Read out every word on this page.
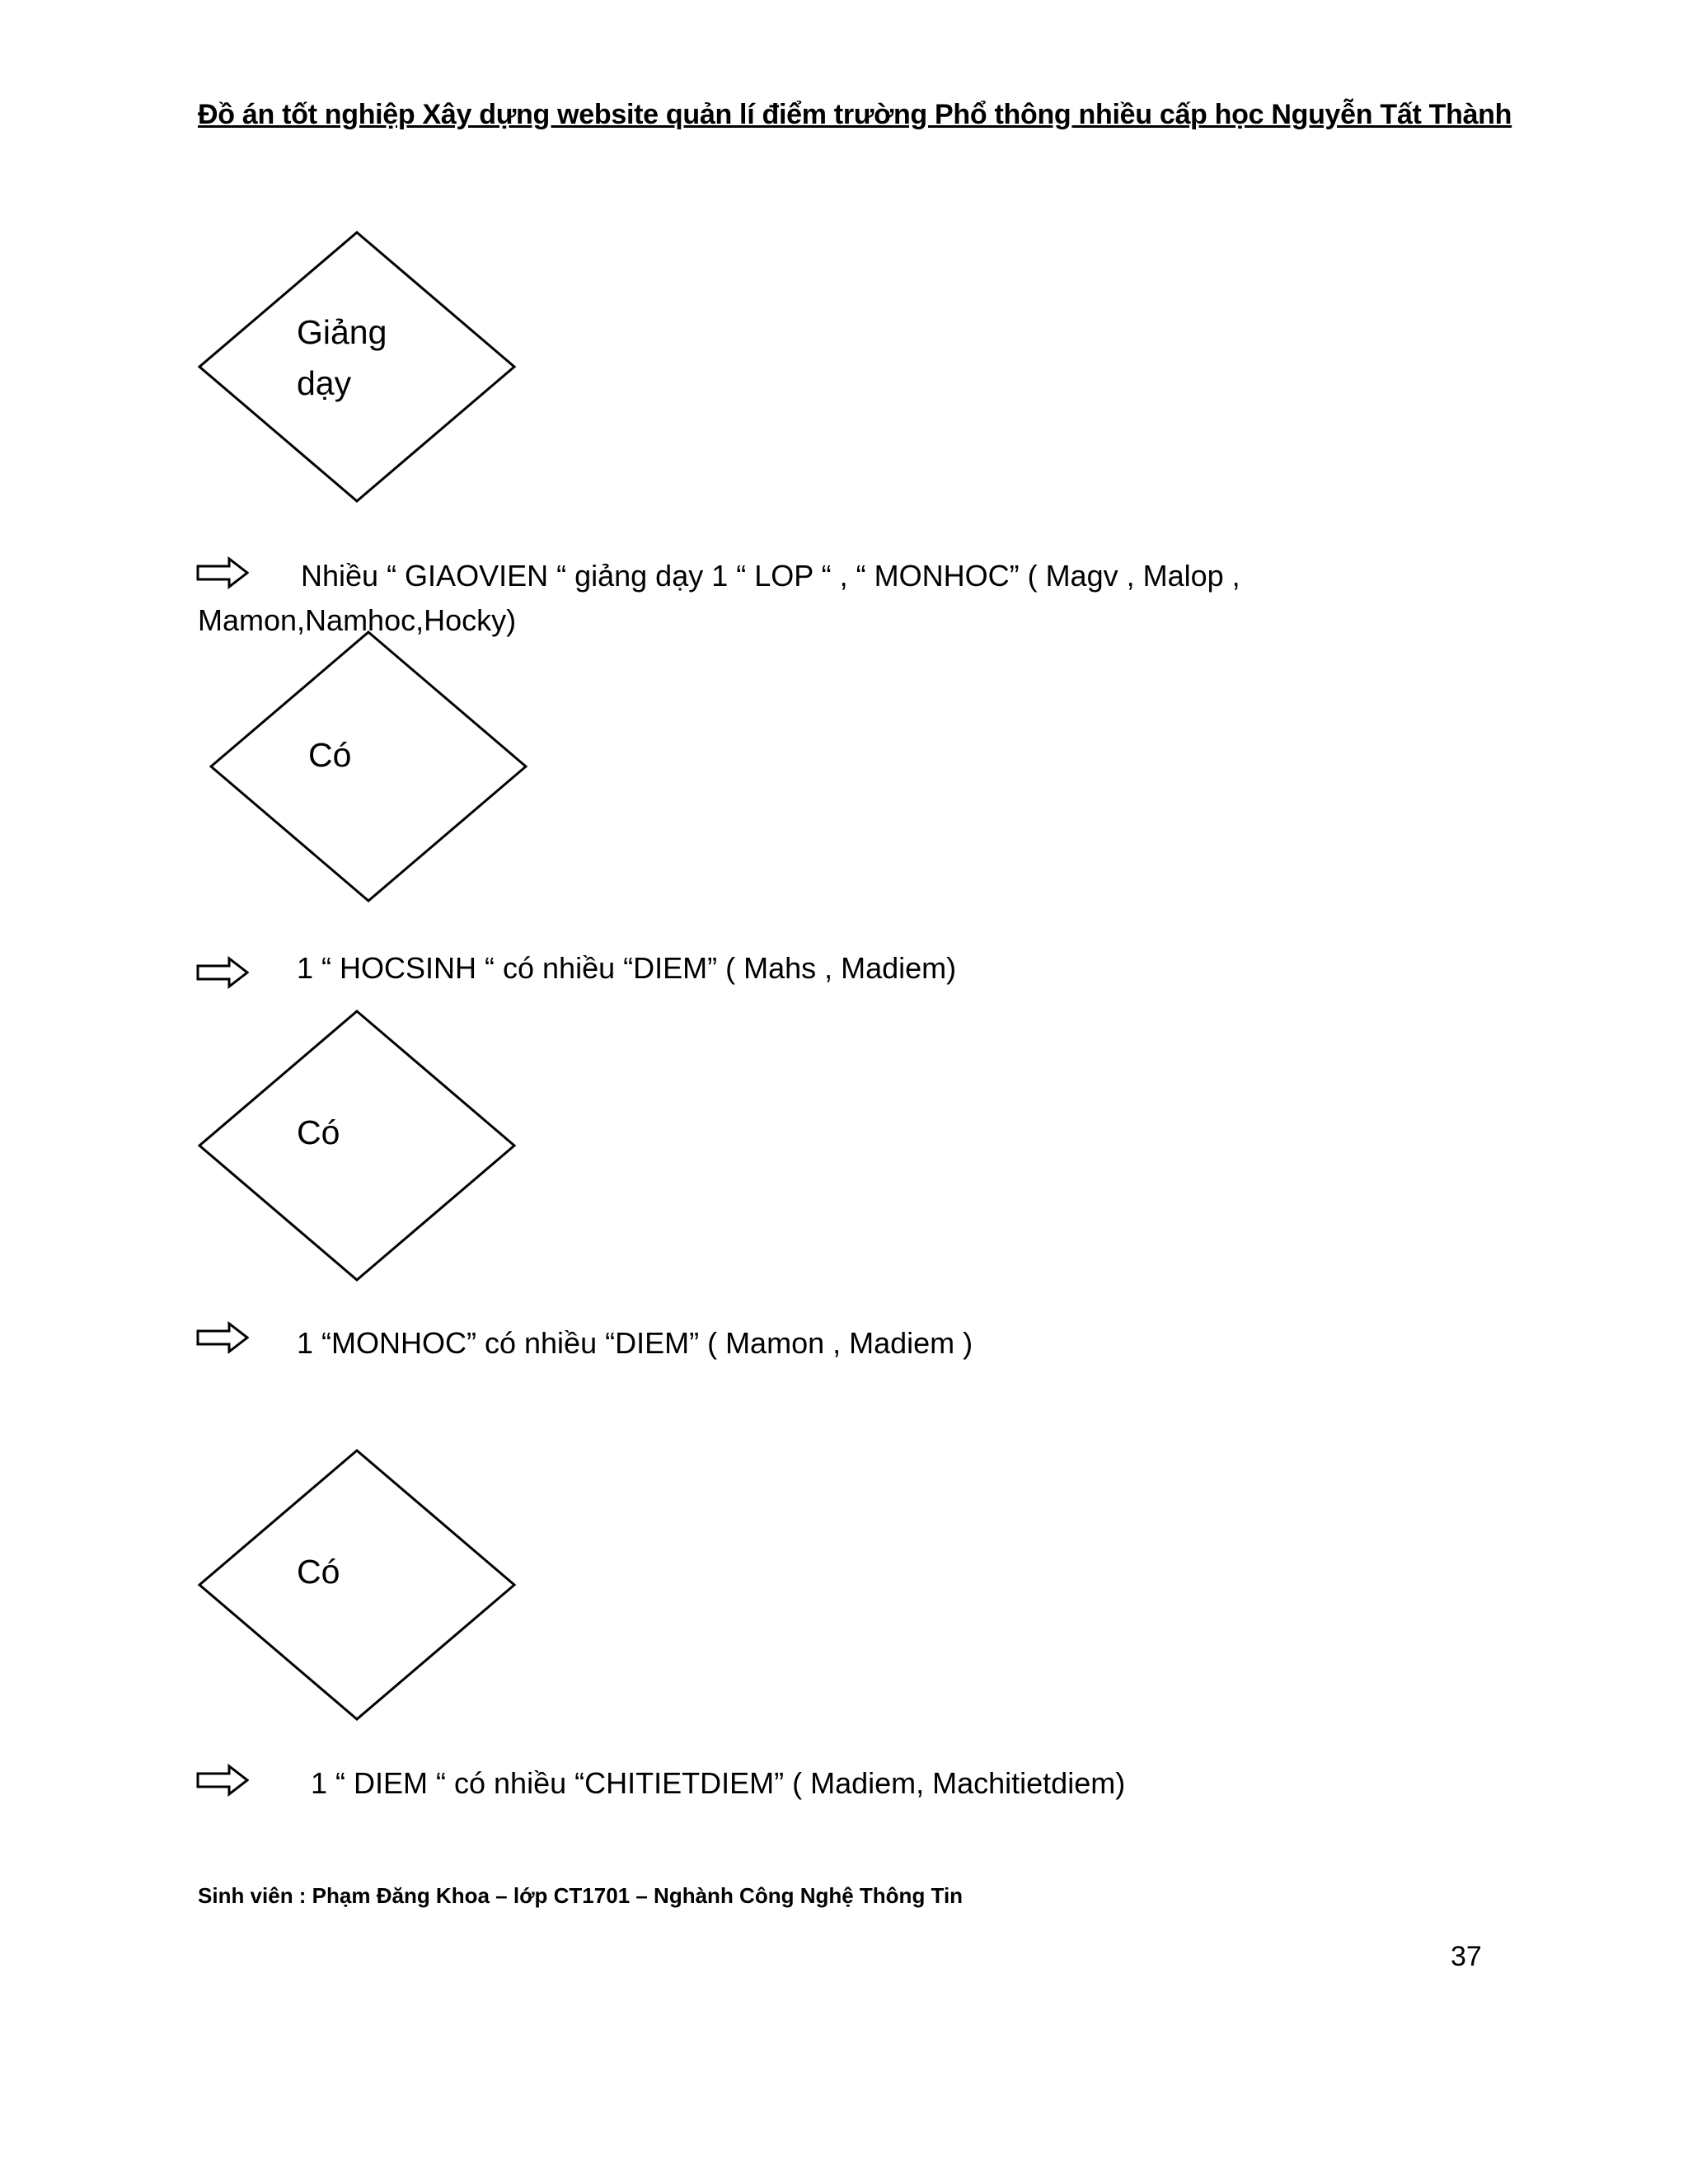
Đồ án tốt nghiệp Xây dựng website quản lí điểm trường Phổ thông nhiều cấp học Nguyễn Tất Thành
Giảng
dạy
Nhiều “ GIAOVIEN “ giảng dạy 1 “ LOP “ , “ MONHOC” ( Magv , Malop ,
Mamon,Namhoc,Hocky)
Có
1 “ HOCSINH “ có nhiều “DIEM” ( Mahs , Madiem)
Có
1 “MONHOC” có nhiều “DIEM” ( Mamon , Madiem )
Có
1 “ DIEM “ có nhiều “CHITIETDIEM” ( Madiem, Machitietdiem)
Sinh viên : Phạm Đăng Khoa – lớp CT1701 – Nghành Công Nghệ Thông Tin
37
